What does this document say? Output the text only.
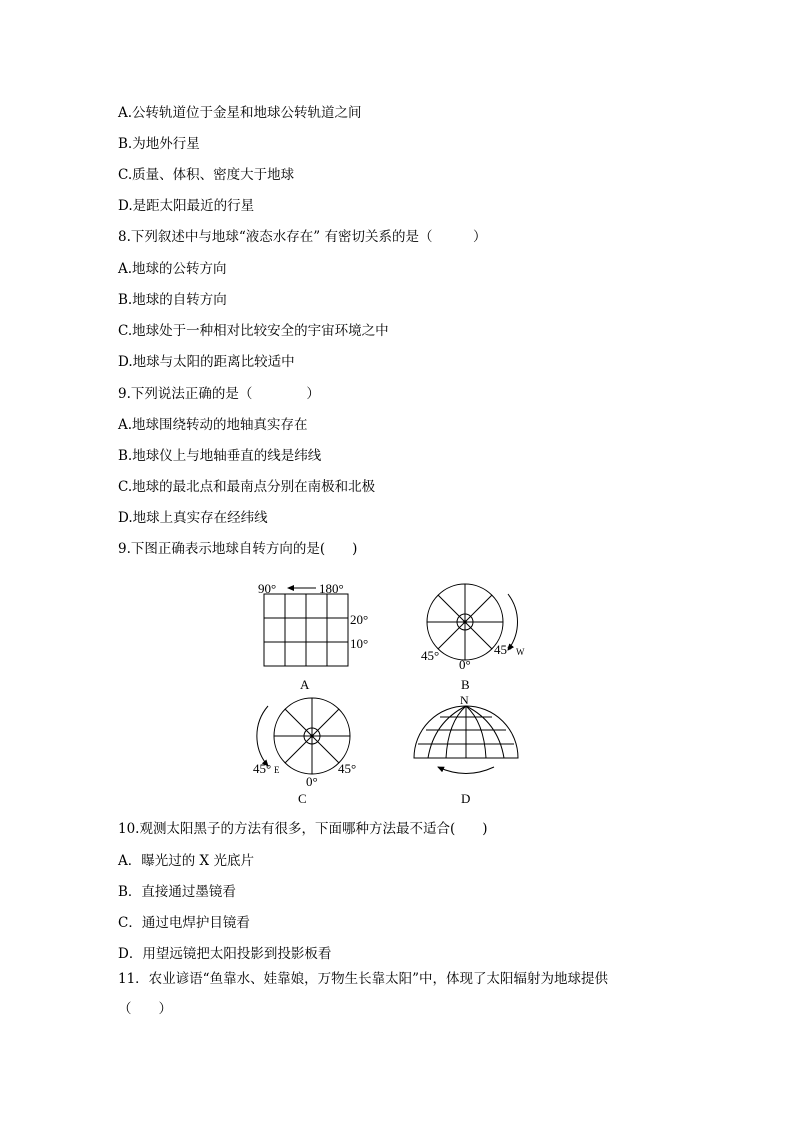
A.公转轨道位于金星和地球公转轨道之间
B.为地外行星
C.质量、体积、密度大于地球
D.是距太阳最近的行星
8.下列叙述中与地球“液态水存在” 有密切关系的是（　　　）
A.地球的公转方向
B.地球的自转方向
C.地球处于一种相对比较安全的宇宙环境之中
D.地球与太阳的距离比较适中
9.下列说法正确的是（　　　　）
A.地球围绕转动的地轴真实存在
B.地球仪上与地轴垂直的线是纬线
C.地球的最北点和最南点分别在南极和北极
D.地球上真实存在经纬线
9.下图正确表示地球自转方向的是(　　)
10.观测太阳黑子的方法有很多，下面哪种方法最不适合(　　)
A．曝光过的 X 光底片
B．直接通过墨镜看
C．通过电焊护目镜看
D．用望远镜把太阳投影到投影板看
11．农业谚语“鱼靠水、娃靠娘，万物生长靠太阳”中，体现了太阳辐射为地球提供
（　　）
90°	180°
20°
10°
A
45°
0°
45° W
B
45° E
0°
45°
C
N
D
